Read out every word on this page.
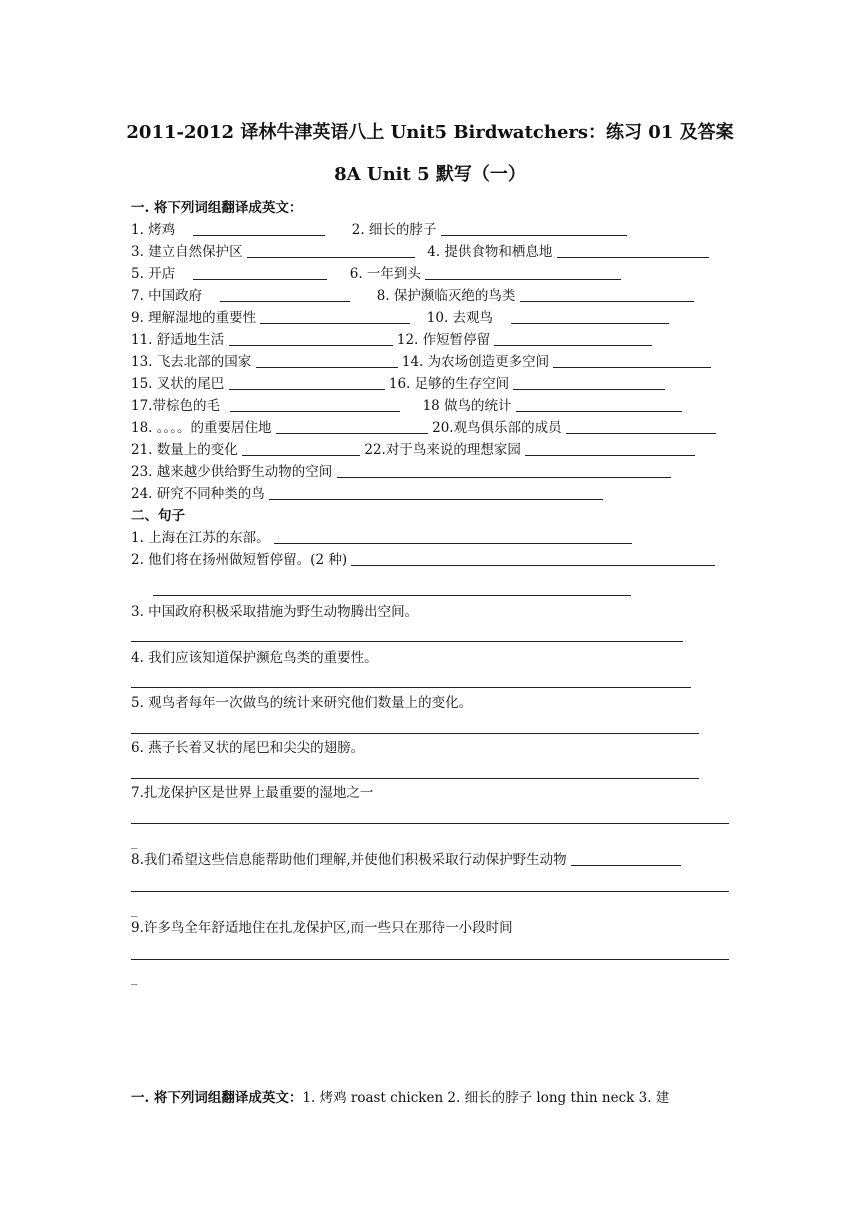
2011-2012 译林牛津英语八上 Unit5 Birdwatchers：练习 01 及答案
8A Unit 5 默写（一）
一. 将下列词组翻译成英文：
1. 烤鸡	2. 细长的脖子
3. 建立自然保护区	4. 提供食物和栖息地
5. 开店	6. 一年到头
7. 中国政府	8. 保护濒临灭绝的鸟类
9. 理解湿地的重要性	10. 去观鸟
11. 舒适地生活	12. 作短暂停留
13. 飞去北部的国家	14. 为农场创造更多空间
15. 叉状的尾巴	16. 足够的生存空间
17.带棕色的毛	18 做鸟的统计
18. 。。。。的重要居住地	20.观鸟俱乐部的成员
21. 数量上的变化	22.对于鸟来说的理想家园
23. 越来越少供给野生动物的空间
24. 研究不同种类的鸟
二、句子
1. 上海在江苏的东部。
2. 他们将在扬州做短暂停留。(2 种)
3. 中国政府积极采取措施为野生动物腾出空间。
4. 我们应该知道保护濒危鸟类的重要性。
5. 观鸟者每年一次做鸟的统计来研究他们数量上的变化。
6. 燕子长着叉状的尾巴和尖尖的翅膀。
7.扎龙保护区是世界上最重要的湿地之一
_
8.我们希望这些信息能帮助他们理解,并使他们积极采取行动保护野生动物
_
9.许多鸟全年舒适地住在扎龙保护区,而一些只在那待一小段时间
_
一. 将下列词组翻译成英文：1. 烤鸡 roast chicken 2. 细长的脖子 long thin neck 3. 建
